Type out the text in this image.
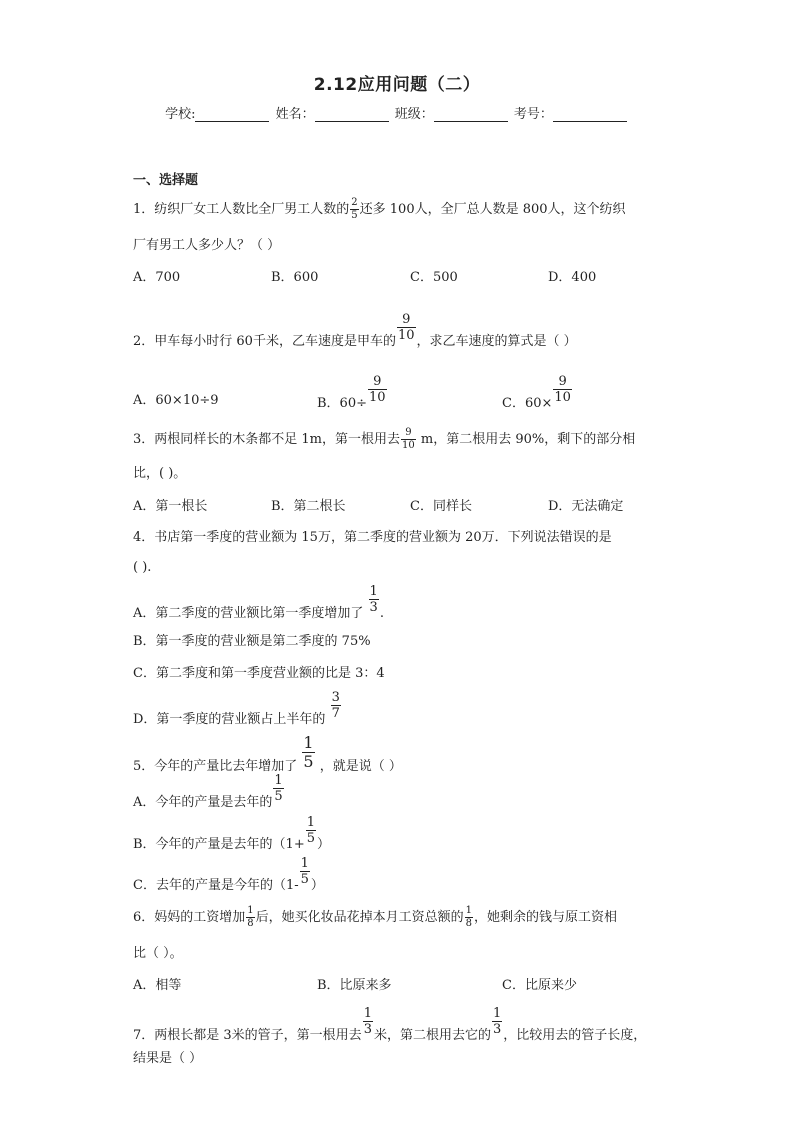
2.12应用问题（二）
学校:	姓名：	班级：	考号：
一、选择题
1．纺织厂女工人数比全厂男工人数的 $\frac{2}{5}$ 还多 100人，全厂总人数是 800人，这个纺织
厂有男工人多少人？（ ）
A．700	B．600	C．500	D．400
2．甲车每小时行 60千米，乙车速度是甲车的 $\frac{9}{10}$ ，求乙车速度的算式是（ ）
A．60×10÷9	B．$60\div \frac{9}{10}$	C．$60\times \frac{9}{10}$
3．两根同样长的木条都不足 1m，第一根用去 $\frac{9}{10}$ m，第二根用去 90%，剩下的部分相
比，( )。
A．第一根长	B．第二根长	C．同样长	D．无法确定
4．书店第一季度的营业额为 15万，第二季度的营业额为 20万．下列说法错误的是
( ).
A．第二季度的营业额比第一季度增加了 $\frac{1}{3}$ .
B．第一季度的营业额是第二季度的 75%
C．第二季度和第一季度营业额的比是 3：4
D．第一季度的营业额占上半年的 $\frac{3}{7}$
5．今年的产量比去年增加了 $\frac{1}{5}$ ，就是说（ ）
A．今年的产量是去年的 $\frac{1}{5}$
B．今年的产量是去年的（$1+ \frac{1}{5}$ ）
C．去年的产量是今年的（$1- \frac{1}{5}$ ）
6．妈妈的工资增加 $\frac{1}{8}$ 后，她买化妆品花掉本月工资总额的 $\frac{1}{8}$ ，她剩余的钱与原工资相
比（ ）。
A．相等	B．比原来多	C．比原来少
7．两根长都是 3米的管子，第一根用去 $\frac{1}{3}$ 米，第二根用去它的 $\frac{1}{3}$ ，比较用去的管子长度，
结果是（ ）
